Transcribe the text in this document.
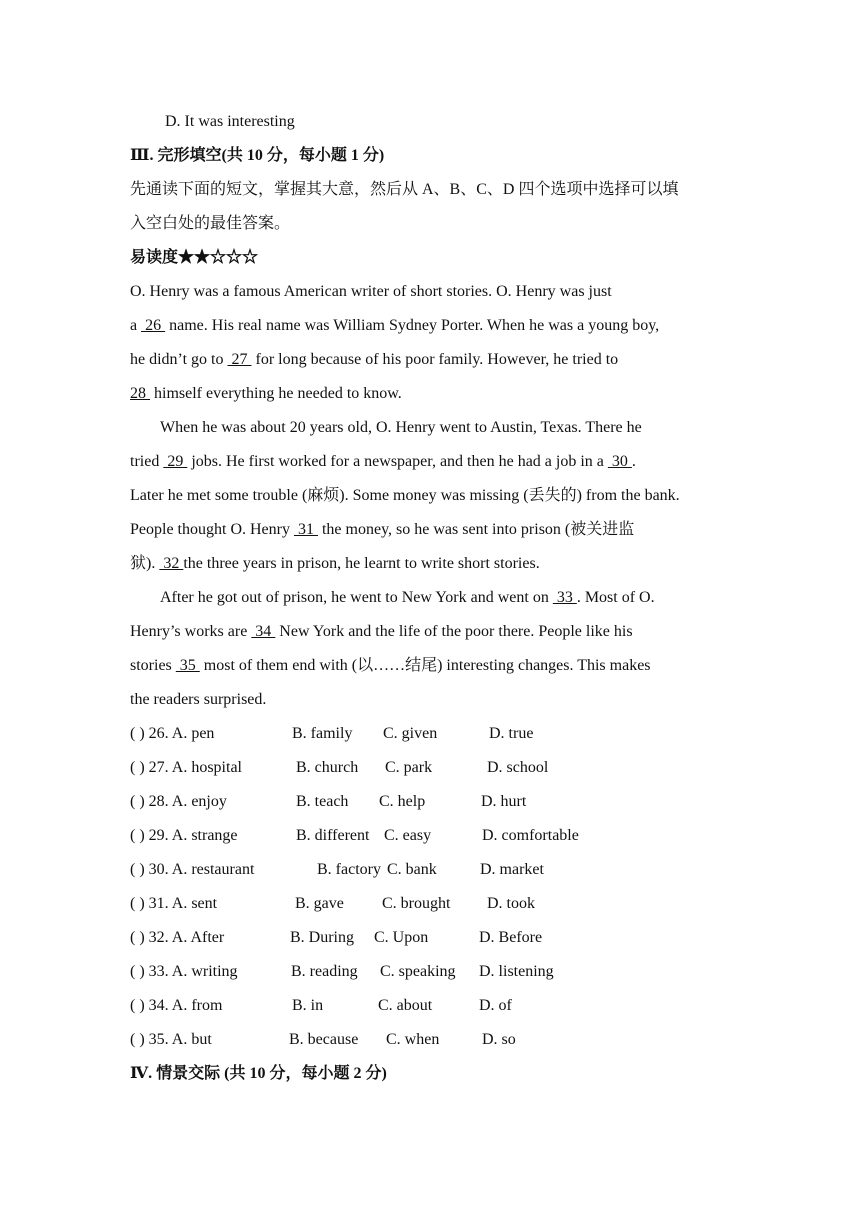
D. It was interesting
Ⅲ. 完形填空(共 10 分，每小题 1 分)
先通读下面的短文，掌握其大意，然后从 A、B、C、D 四个选项中选择可以填
入空白处的最佳答案。
易读度★★☆☆☆
O. Henry was a famous American writer of short stories. O. Henry was just
a  26  name. His real name was William Sydney Porter. When he was a young boy,
he didn’t go to  27  for long because of his poor family. However, he tried to
28  himself everything he needed to know.
When he was about 20 years old, O. Henry went to Austin, Texas. There he
tried  29  jobs. He first worked for a newspaper, and then he had a job in a  30 .
Later he met some trouble (麻烦). Some money was missing (丢失的) from the bank.
People thought O. Henry  31  the money, so he was sent into prison (被关进监
狱).  32 the three years in prison, he learnt to write short stories.
After he got out of prison, he went to New York and went on  33 . Most of O.
Henry’s works are  34  New York and the life of the poor there. People like his
stories  35  most of them end with (以……结尾) interesting changes. This makes
the readers surprised.
( ) 26. A. pen	B. family C. given	D. true
( ) 27. A. hospital	B. church C. park	D. school
( ) 28. A. enjoy	B. teach C. help	D. hurt
( ) 29. A. strange	B. different C. easy	D. comfortable
( ) 30. A. restaurant	B. factory C. bank	D. market
( ) 31. A. sent	B. gave C. brought D. took
( ) 32. A. After	B. During C. Upon	D. Before
( ) 33. A. writing	B. reading C. speaking D. listening
( ) 34. A. from	B. in	C. about	D. of
( ) 35. A. but	B. because C. when	D. so
Ⅳ. 情景交际 (共 10 分，每小题 2 分)
